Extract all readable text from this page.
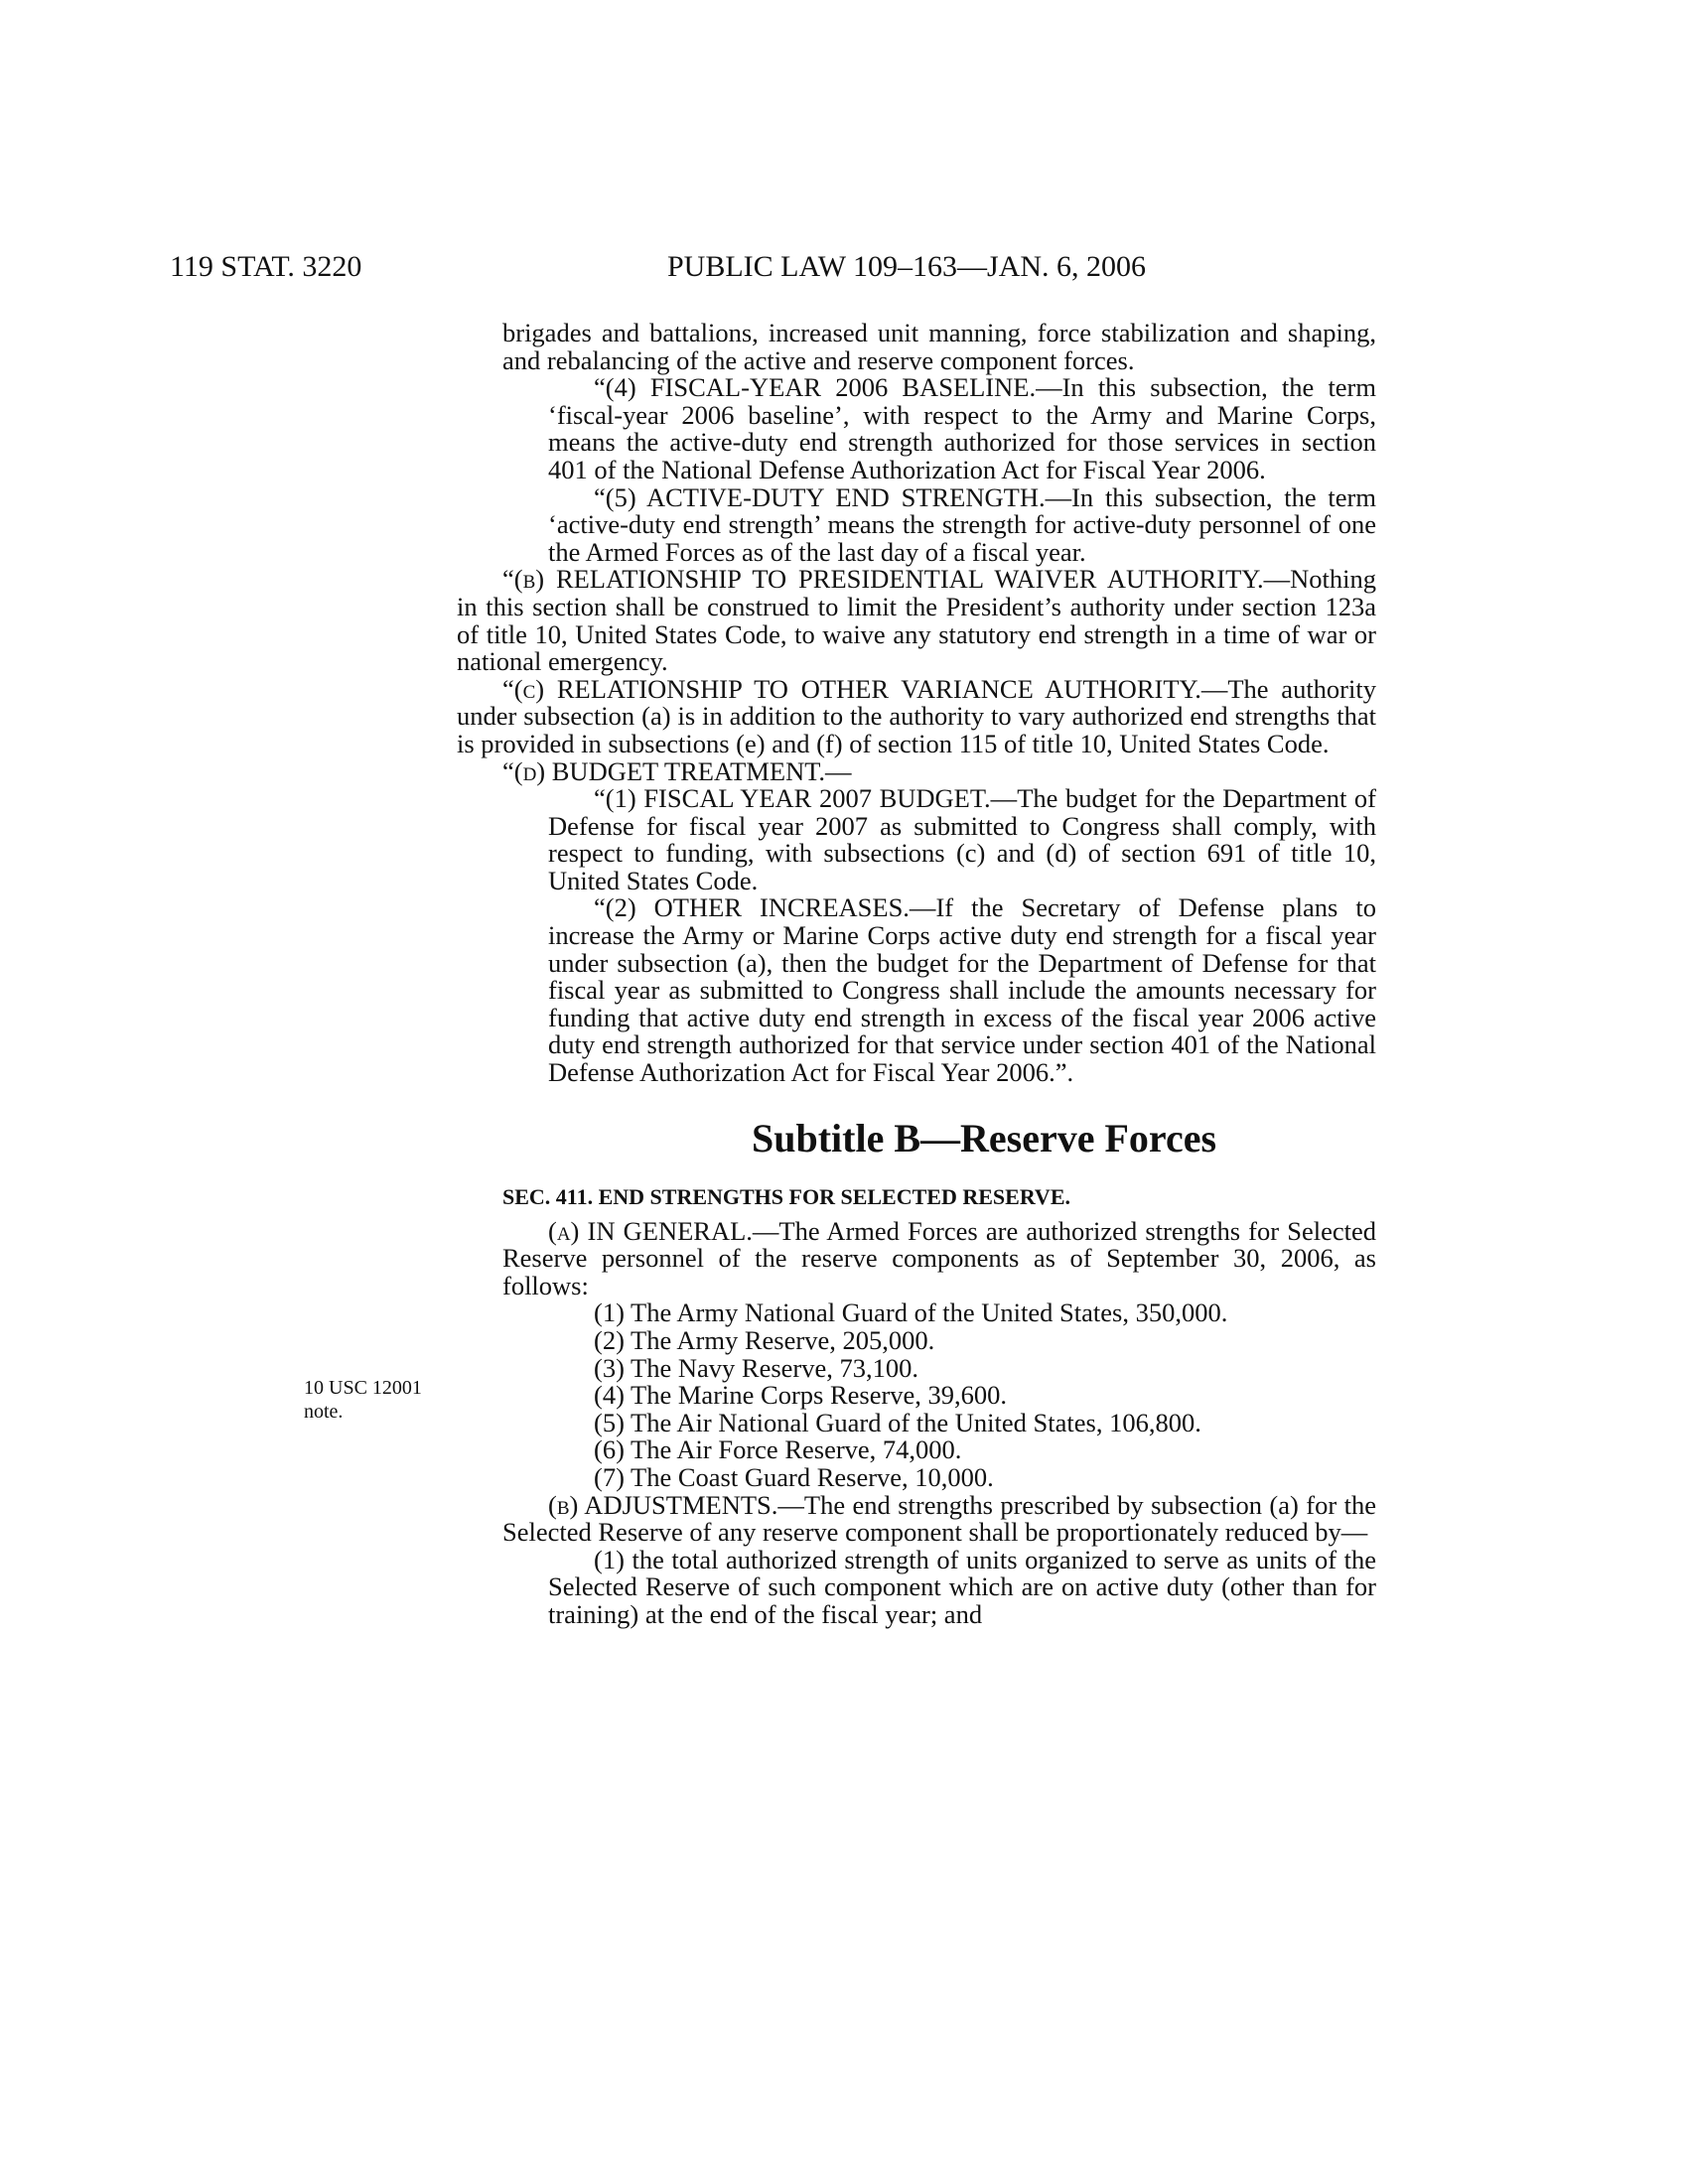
119 STAT. 3220	PUBLIC LAW 109–163—JAN. 6, 2006
10 USC 12001
note.

brigades and battalions, increased unit manning, force stabilization and shaping, and rebalancing of the active and reserve component forces.

“(4) FISCAL-YEAR 2006 BASELINE.—In this subsection, the term ‘fiscal-year 2006 baseline’, with respect to the Army and Marine Corps, means the active-duty end strength authorized for those services in section 401 of the National Defense Authorization Act for Fiscal Year 2006.

“(5) ACTIVE-DUTY END STRENGTH.—In this subsection, the term ‘active-duty end strength’ means the strength for active-duty personnel of one the Armed Forces as of the last day of a fiscal year.

“(b) RELATIONSHIP TO PRESIDENTIAL WAIVER AUTHORITY.—Nothing in this section shall be construed to limit the President’s authority under section 123a of title 10, United States Code, to waive any statutory end strength in a time of war or national emergency.

“(c) RELATIONSHIP TO OTHER VARIANCE AUTHORITY.—The authority under subsection (a) is in addition to the authority to vary authorized end strengths that is provided in subsections (e) and (f) of section 115 of title 10, United States Code.

“(d) BUDGET TREATMENT.—

“(1) FISCAL YEAR 2007 BUDGET.—The budget for the Department of Defense for fiscal year 2007 as submitted to Congress shall comply, with respect to funding, with subsections (c) and (d) of section 691 of title 10, United States Code.

“(2) OTHER INCREASES.—If the Secretary of Defense plans to increase the Army or Marine Corps active duty end strength for a fiscal year under subsection (a), then the budget for the Department of Defense for that fiscal year as submitted to Congress shall include the amounts necessary for funding that active duty end strength in excess of the fiscal year 2006 active duty end strength authorized for that service under section 401 of the National Defense Authorization Act for Fiscal Year 2006.”.

Subtitle B—Reserve Forces
SEC. 411. END STRENGTHS FOR SELECTED RESERVE.

(a) IN GENERAL.—The Armed Forces are authorized strengths for Selected Reserve personnel of the reserve components as of September 30, 2006, as follows:

(1) The Army National Guard of the United States, 350,000.

(2) The Army Reserve, 205,000.

(3) The Navy Reserve, 73,100.

(4) The Marine Corps Reserve, 39,600.

(5) The Air National Guard of the United States, 106,800.

(6) The Air Force Reserve, 74,000.

(7) The Coast Guard Reserve, 10,000.

(b) ADJUSTMENTS.—The end strengths prescribed by subsection (a) for the Selected Reserve of any reserve component shall be proportionately reduced by—

(1) the total authorized strength of units organized to serve as units of the Selected Reserve of such component which are on active duty (other than for training) at the end of the fiscal year; and
